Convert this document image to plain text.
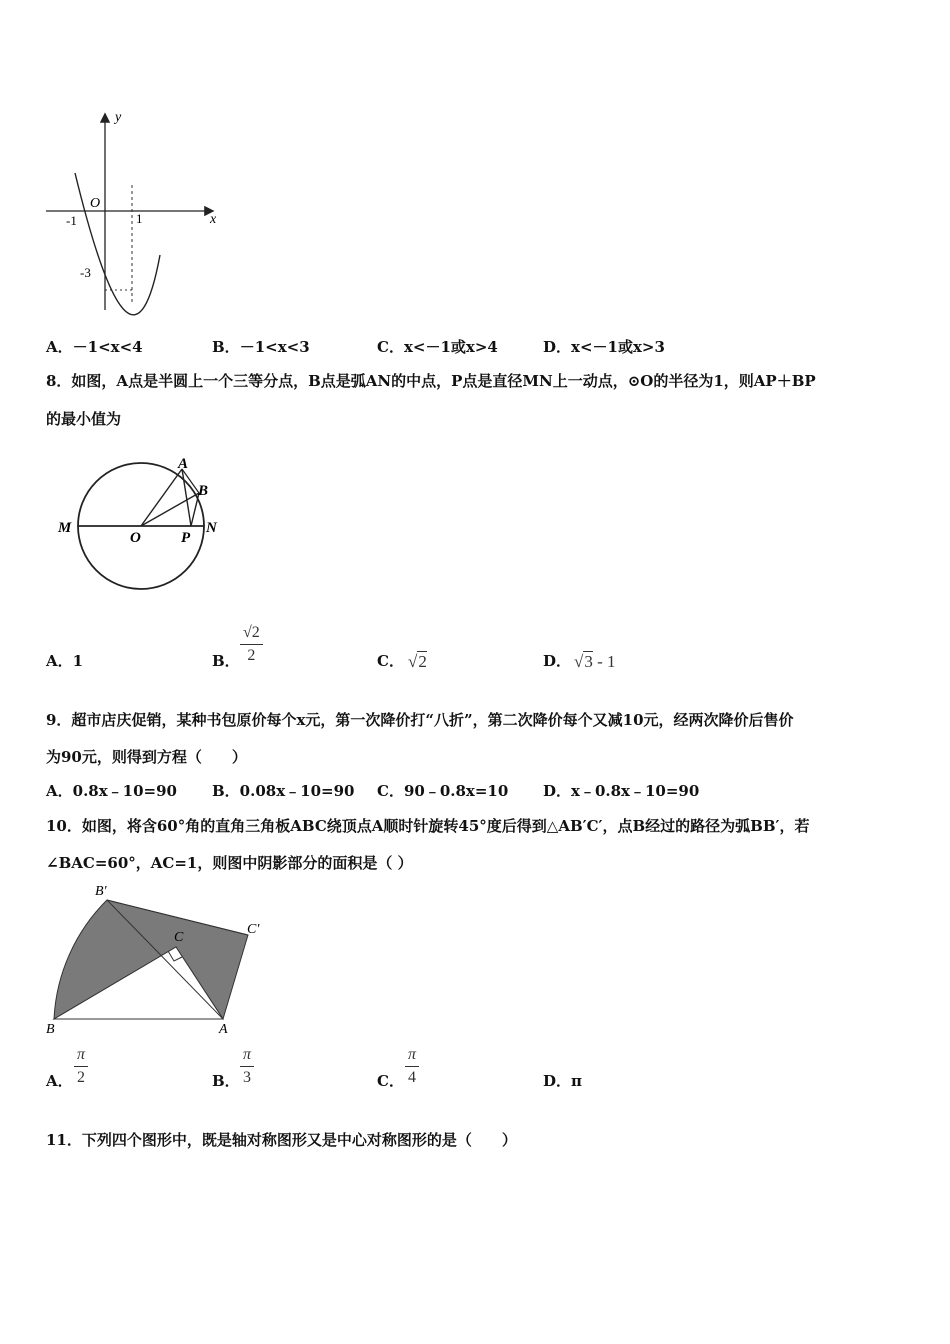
y
x
O
-1	1
-3
A．－1<x<4	B．－1<x<3	C．x<－1或x>4	D．x<－1或x>3
8．如图，A点是半圆上一个三等分点，B点是弧AN的中点，P点是直径MN上一动点，⊙O的半径为1，则AP＋BP
的最小值为
M
O	P
N
A
B
A．1	B． $\frac{√2}{2}$	C． √2	D． √3 - 1
9．超市店庆促销，某种书包原价每个x元，第一次降价打“八折”，第二次降价每个又减10元，经两次降价后售价
为90元，则得到方程（　　）
A．0.8x﹣10=90 B．0.08x﹣10=90 C．90﹣0.8x=10 D．x﹣0.8x﹣10=90
10．如图，将含60°角的直角三角板ABC绕顶点A顺时针旋转45°度后得到△AB′C′，点B经过的路径为弧BB′，若
∠BAC=60°，AC=1，则图中阴影部分的面积是（ ）
B'
C'
C
B	A
A． $\frac{\pi}{2}$	B． $\frac{\pi}{3}$	C． $\frac{\pi}{4}$	D．π
11．下列四个图形中，既是轴对称图形又是中心对称图形的是（　　）
